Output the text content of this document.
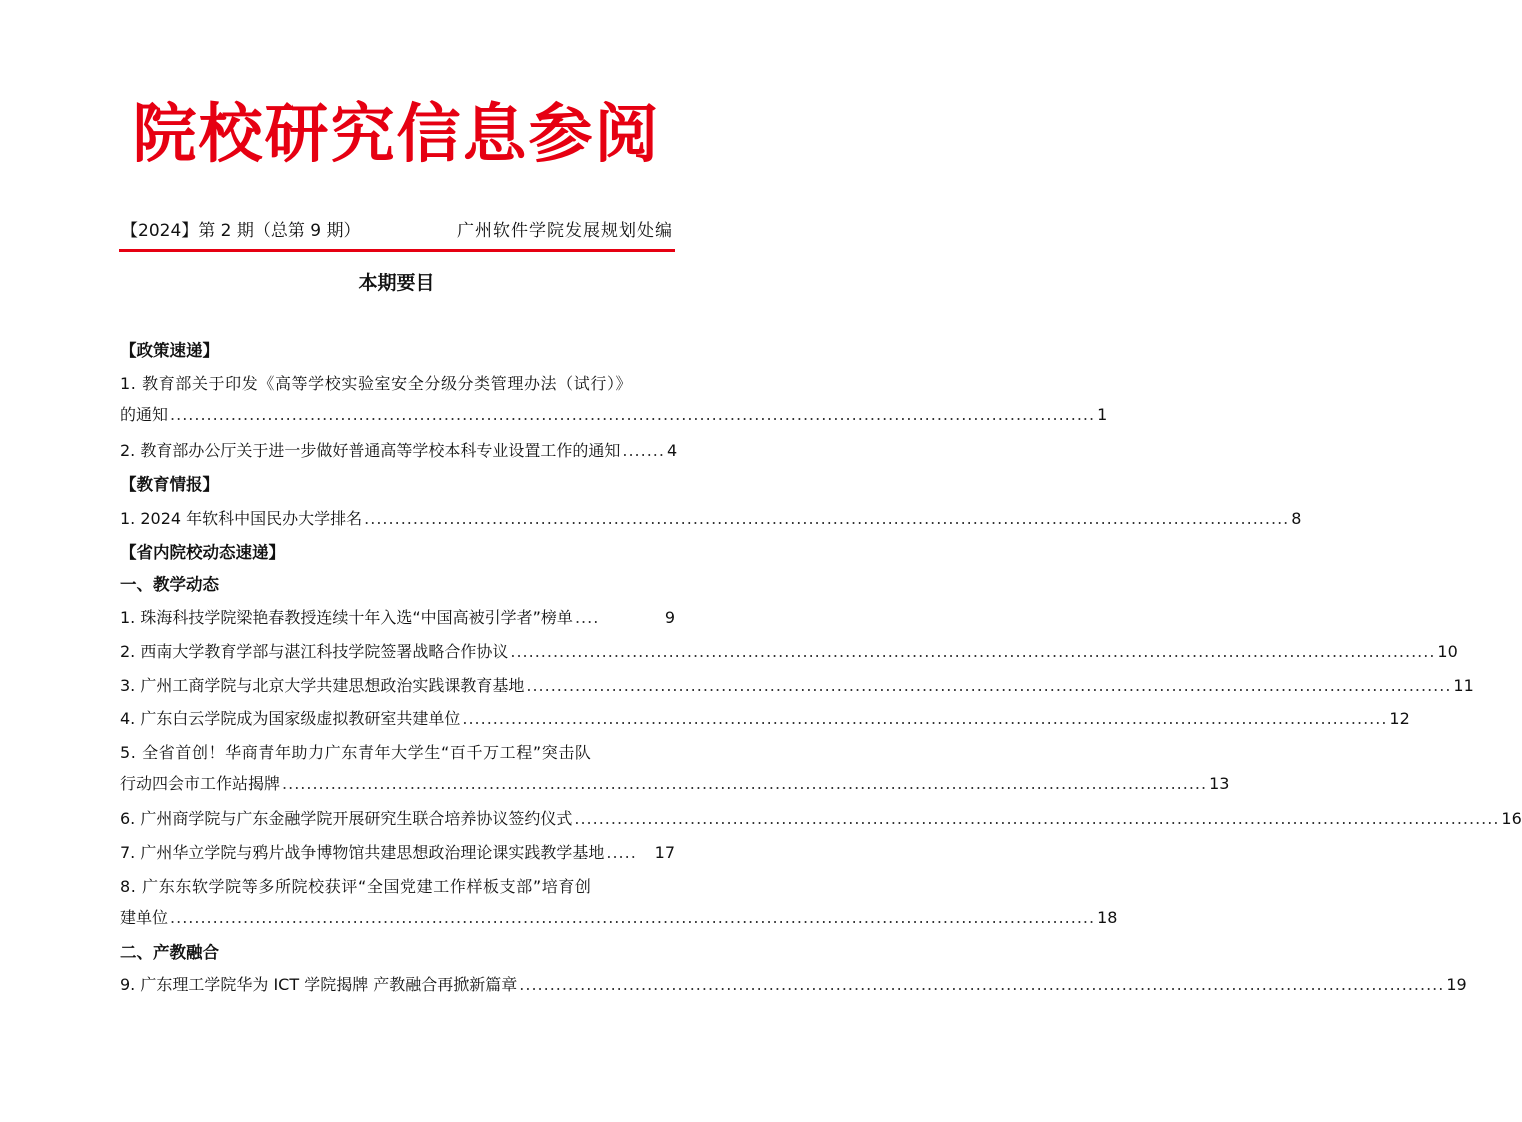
院校研究信息参阅
【2024】第 2 期（总第 9 期）	广州软件学院发展规划处编
本期要目
【政策速递】
1. 教育部关于印发《高等学校实验室安全分级分类管理办法（试行）》
的通知 ........................................................................................................................................................ 1
2. 教育部办公厅关于进一步做好普通高等学校本科专业设置工作的通知 ....... 4
【教育情报】
1. 2024 年软科中国民办大学排名 ........................................................................................................................................................ 8
【省内院校动态速递】
一、教学动态
1. 珠海科技学院梁艳春教授连续十年入选“中国高被引学者”榜单 ....	9
2. 西南大学教育学部与湛江科技学院签署战略合作协议 ........................................................................................................................................................ 10
3. 广州工商学院与北京大学共建思想政治实践课教育基地 ........................................................................................................................................................ 11
4. 广东白云学院成为国家级虚拟教研室共建单位 ........................................................................................................................................................ 12
5. 全省首创！华商青年助力广东青年大学生“百千万工程”突击队
行动四会市工作站揭牌 ........................................................................................................................................................ 13
6. 广州商学院与广东金融学院开展研究生联合培养协议签约仪式 ........................................................................................................................................................ 16
7. 广州华立学院与鸦片战争博物馆共建思想政治理论课实践教学基地 .....	17
8. 广东东软学院等多所院校获评“全国党建工作样板支部”培育创
建单位 ........................................................................................................................................................ 18
二、产教融合
9. 广东理工学院华为 ICT 学院揭牌 产教融合再掀新篇章 ........................................................................................................................................................ 19
